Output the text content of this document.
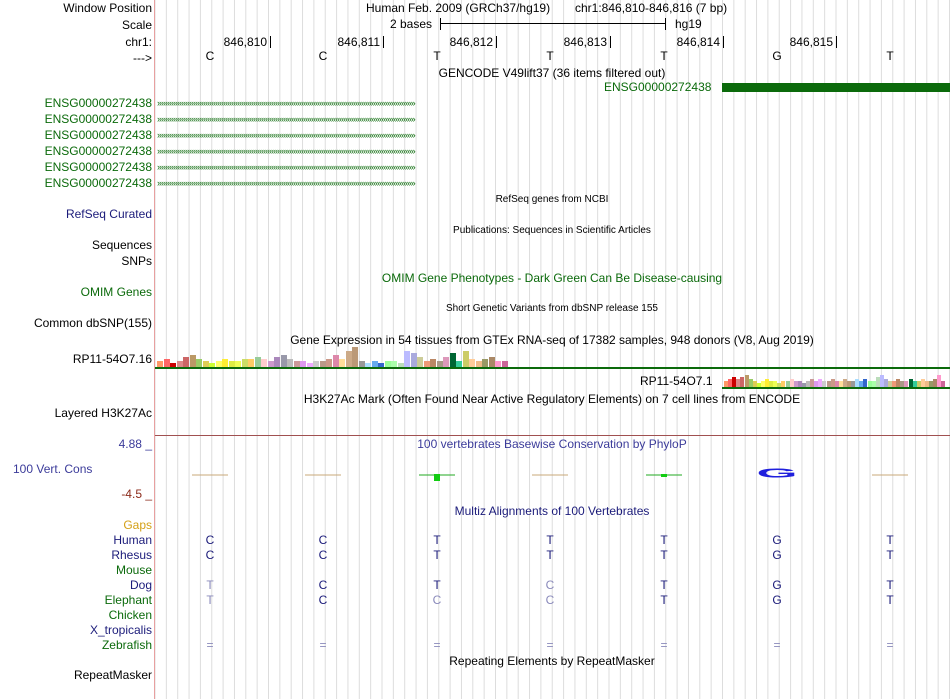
Window Position	Human Feb. 2009 (GRCh37/hg19) chr1:846,810-846,816 (7 bp)
Scale	2 bases	hg19
chr1:	846,810	846,811	846,812	846,813	846,814	846,815
--->	C	C	T	T	T	G	T
GENCODE V49lift37 (36 items filtered out)
ENSG00000272438
ENSG00000272438 ›››››››››››››››››››››››››››››››››››››››››››››››››››››››››››››››››››››››››››››››››››››››››››››››››››››››››››››››››››››››››››››››››
ENSG00000272438 ›››››››››››››››››››››››››››››››››››››››››››››››››››››››››››››››››››››››››››››››››››››››››››››››››››››››››››››››››››››››››››››››››
ENSG00000272438 ›››››››››››››››››››››››››››››››››››››››››››››››››››››››››››››››››››››››››››››››››››››››››››››››››››››››››››››››››››››››››››››››››
ENSG00000272438 ›››››››››››››››››››››››››››››››››››››››››››››››››››››››››››››››››››››››››››››››››››››››››››››››››››››››››››››››››››››››››››››››››
ENSG00000272438 ›››››››››››››››››››››››››››››››››››››››››››››››››››››››››››››››››››››››››››››››››››››››››››››››››››››››››››››››››››››››››››››››››
ENSG00000272438 ›››››››››››››››››››››››››››››››››››››››››››››››››››››››››››››››››››››››››››››››››››››››››››››››››››››››››››››››››››››››››››››››››
RefSeq genes from NCBI
RefSeq Curated
Publications: Sequences in Scientific Articles
Sequences
SNPs
OMIM Gene Phenotypes - Dark Green Can Be Disease-causing
OMIM Genes
Short Genetic Variants from dbSNP release 155
Common dbSNP(155)
Gene Expression in 54 tissues from GTEx RNA-seq of 17382 samples, 948 donors (V8, Aug 2019)
RP11-54O7.16
RP11-54O7.1
H3K27Ac Mark (Often Found Near Active Regulatory Elements) on 7 cell lines from ENCODE
Layered H3K27Ac
100 vertebrates Basewise Conservation by PhyloP
4.88 _
100 Vert. Cons
-4.5 _
G
Multiz Alignments of 100 Vertebrates
Gaps
Human	C	C	T	T	T	G	T
Rhesus	C	C	T	T	T	G	T
Mouse
Dog	T	C	T	C	T	G	T
Elephant	T	C	C	C	T	G	T
Chicken
X_tropicalis
Zebrafish	=	=	=	=	=	=	=
Repeating Elements by RepeatMasker
RepeatMasker
